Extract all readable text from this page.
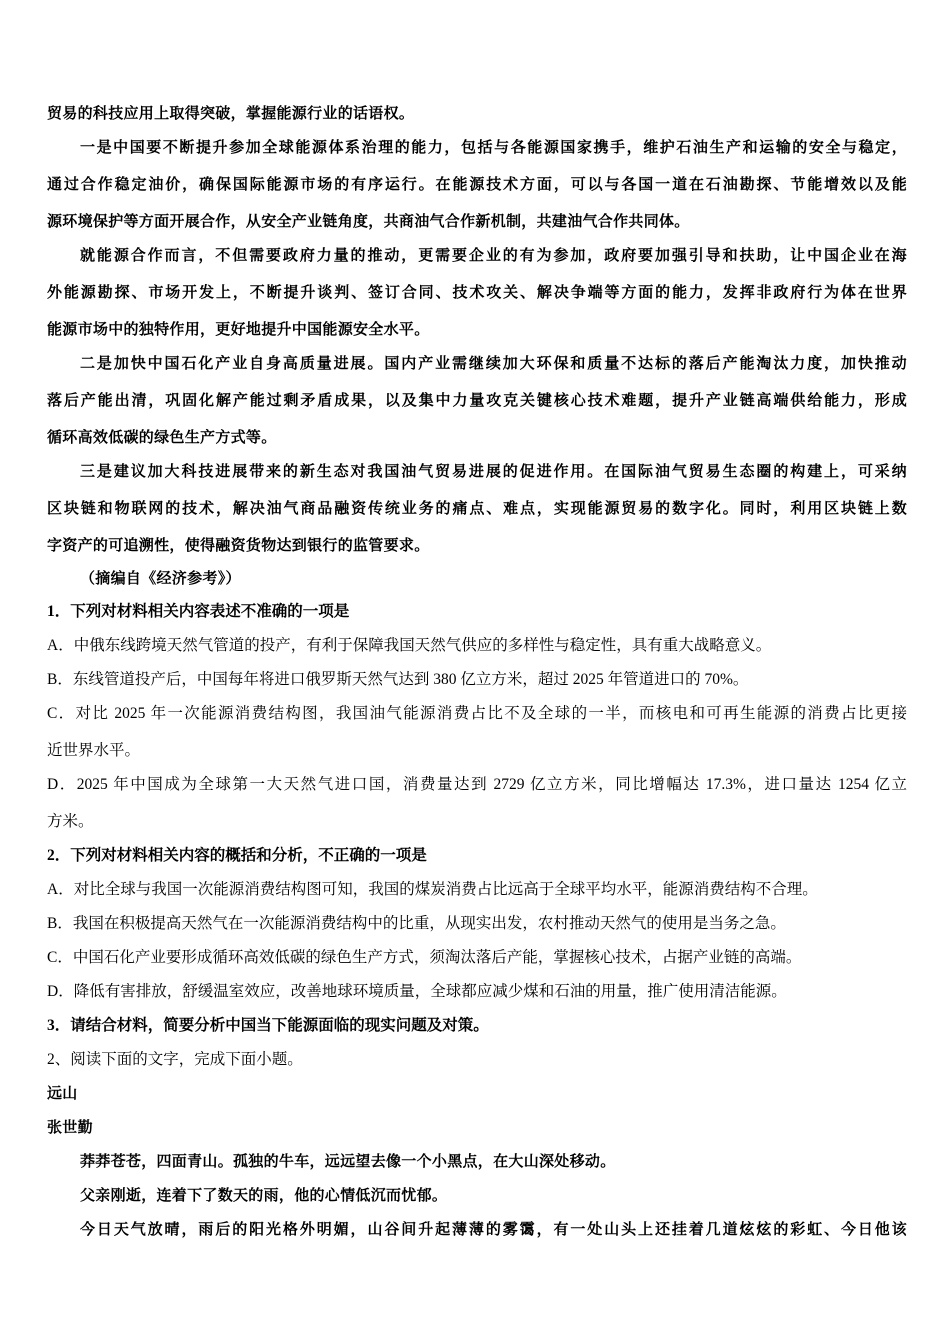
贸易的科技应用上取得突破，掌握能源行业的话语权。
一是中国要不断提升参加全球能源体系治理的能力，包括与各能源国家携手，维护石油生产和运输的安全与稳定，
通过合作稳定油价，确保国际能源市场的有序运行。在能源技术方面，可以与各国一道在石油勘探、节能增效以及能
源环境保护等方面开展合作，从安全产业链角度，共商油气合作新机制，共建油气合作共同体。
就能源合作而言，不但需要政府力量的推动，更需要企业的有为参加，政府要加强引导和扶助，让中国企业在海
外能源勘探、市场开发上，不断提升谈判、签订合同、技术攻关、解决争端等方面的能力，发挥非政府行为体在世界
能源市场中的独特作用，更好地提升中国能源安全水平。
二是加快中国石化产业自身高质量进展。国内产业需继续加大环保和质量不达标的落后产能淘汰力度，加快推动
落后产能出清，巩固化解产能过剩矛盾成果，以及集中力量攻克关键核心技术难题，提升产业链高端供给能力，形成
循环高效低碳的绿色生产方式等。
三是建议加大科技进展带来的新生态对我国油气贸易进展的促进作用。在国际油气贸易生态圈的构建上，可采纳
区块链和物联网的技术，解决油气商品融资传统业务的痛点、难点，实现能源贸易的数字化。同时，利用区块链上数
字资产的可追溯性，使得融资货物达到银行的监管要求。
（摘编自《经济参考》）
1．下列对材料相关内容表述不准确的一项是
A．中俄东线跨境天然气管道的投产，有利于保障我国天然气供应的多样性与稳定性，具有重大战略意义。
B．东线管道投产后，中国每年将进口俄罗斯天然气达到 380 亿立方米，超过 2025 年管道进口的 70%。
C．对比 2025 年一次能源消费结构图，我国油气能源消费占比不及全球的一半，而核电和可再生能源的消费占比更接
近世界水平。
D．2025 年中国成为全球第一大天然气进口国，消费量达到 2729 亿立方米，同比增幅达 17.3%，进口量达 1254 亿立
方米。
2．下列对材料相关内容的概括和分析，不正确的一项是
A．对比全球与我国一次能源消费结构图可知，我国的煤炭消费占比远高于全球平均水平，能源消费结构不合理。
B．我国在积极提高天然气在一次能源消费结构中的比重，从现实出发，农村推动天然气的使用是当务之急。
C．中国石化产业要形成循环高效低碳的绿色生产方式，须淘汰落后产能，掌握核心技术，占据产业链的高端。
D．降低有害排放，舒缓温室效应，改善地球环境质量，全球都应减少煤和石油的用量，推广使用清洁能源。
3．请结合材料，简要分析中国当下能源面临的现实问题及对策。
2、阅读下面的文字，完成下面小题。
远山
张世勤
莽莽苍苍，四面青山。孤独的牛车，远远望去像一个小黑点，在大山深处移动。
父亲刚逝，连着下了数天的雨，他的心情低沉而忧郁。
今日天气放晴，雨后的阳光格外明媚，山谷间升起薄薄的雾霭，有一处山头上还挂着几道炫炫的彩虹、今日他该
